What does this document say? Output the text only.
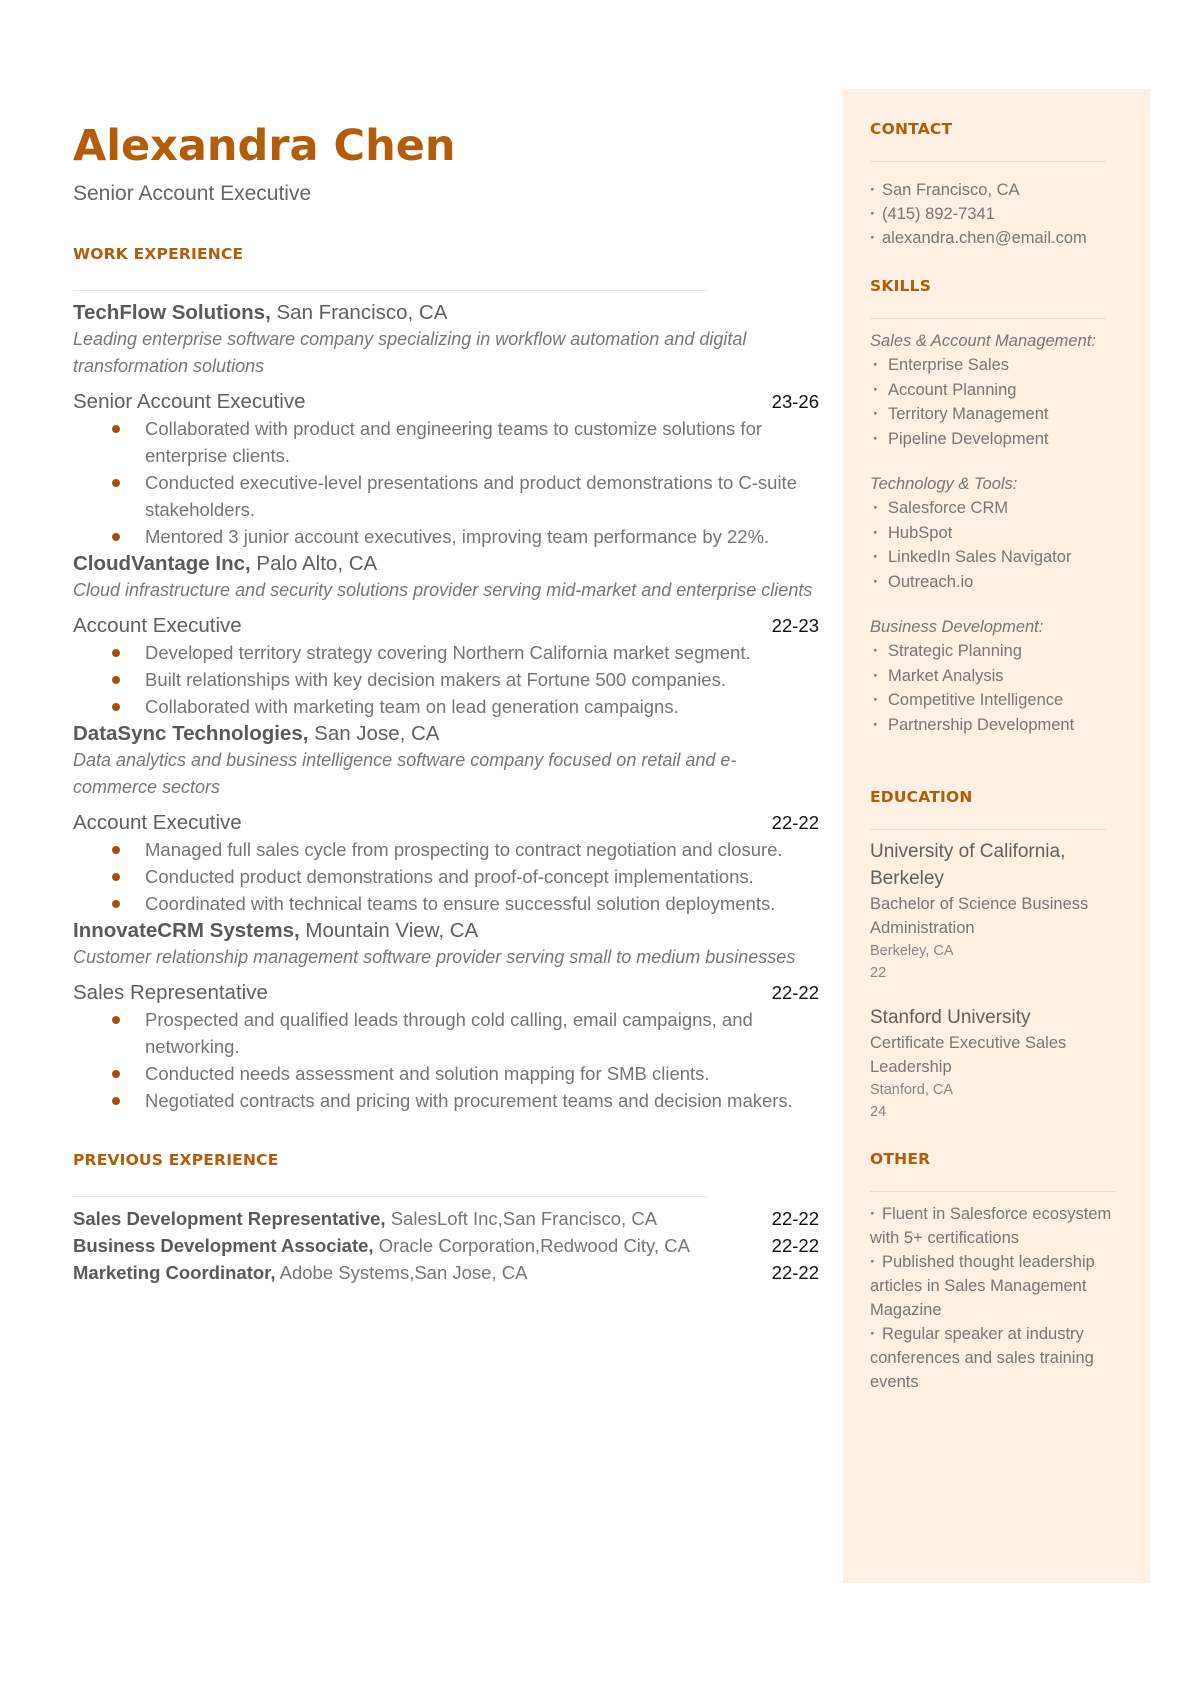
Alexandra Chen
Senior Account Executive
WORK EXPERIENCE
TechFlow Solutions, San Francisco, CA
Leading enterprise software company specializing in workflow automation and digital transformation solutions
Senior Account Executive	23-26
Collaborated with product and engineering teams to customize solutions for enterprise clients.
Conducted executive-level presentations and product demonstrations to C-suite stakeholders.
Mentored 3 junior account executives, improving team performance by 22%.
CloudVantage Inc, Palo Alto, CA
Cloud infrastructure and security solutions provider serving mid-market and enterprise clients
Account Executive	22-23
Developed territory strategy covering Northern California market segment.
Built relationships with key decision makers at Fortune 500 companies.
Collaborated with marketing team on lead generation campaigns.
DataSync Technologies, San Jose, CA
Data analytics and business intelligence software company focused on retail and e-commerce sectors
Account Executive	22-22
Managed full sales cycle from prospecting to contract negotiation and closure.
Conducted product demonstrations and proof-of-concept implementations.
Coordinated with technical teams to ensure successful solution deployments.
InnovateCRM Systems, Mountain View, CA
Customer relationship management software provider serving small to medium businesses
Sales Representative	22-22
Prospected and qualified leads through cold calling, email campaigns, and networking.
Conducted needs assessment and solution mapping for SMB clients.
Negotiated contracts and pricing with procurement teams and decision makers.
PREVIOUS EXPERIENCE
Sales Development Representative, SalesLoft Inc,San Francisco, CA	22-22
Business Development Associate, Oracle Corporation,Redwood City, CA	22-22
Marketing Coordinator, Adobe Systems,San Jose, CA	22-22
CONTACT
· San Francisco, CA
· (415) 892-7341
· alexandra.chen@email.com
SKILLS
Sales & Account Management:
· Enterprise Sales
· Account Planning
· Territory Management
· Pipeline Development
Technology & Tools:
· Salesforce CRM
· HubSpot
· LinkedIn Sales Navigator
· Outreach.io
Business Development:
· Strategic Planning
· Market Analysis
· Competitive Intelligence
· Partnership Development
EDUCATION
University of California, Berkeley
Bachelor of Science Business Administration
Berkeley, CA
22
Stanford University
Certificate Executive Sales Leadership
Stanford, CA
24
OTHER
· Fluent in Salesforce ecosystem with 5+ certifications
· Published thought leadership articles in Sales Management Magazine
· Regular speaker at industry conferences and sales training events
